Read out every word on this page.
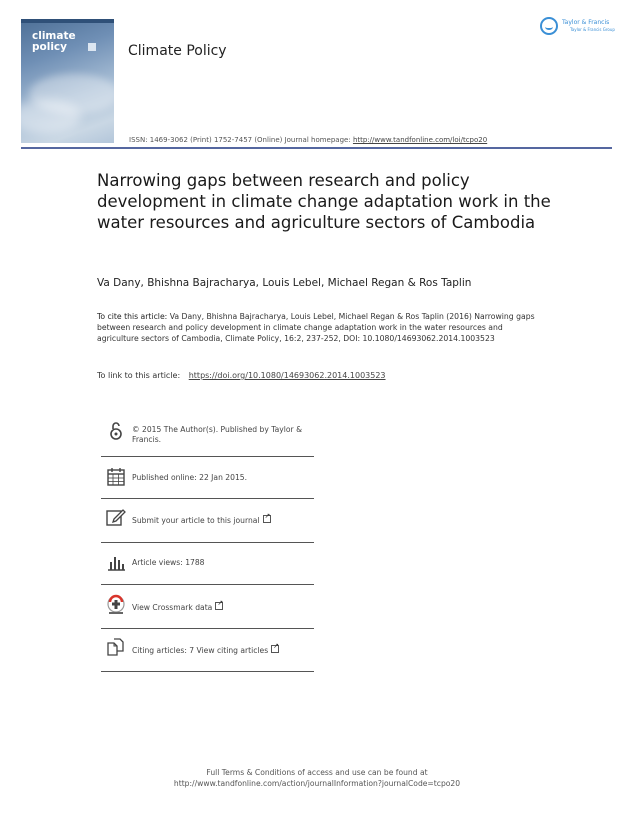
climate
policy	Climate Policy
Taylor & Francis
Taylor & Francis Group
ISSN: 1469-3062 (Print) 1752-7457 (Online) Journal homepage: http://www.tandfonline.com/loi/tcpo20
Narrowing gaps between research and policy development in climate change adaptation work in the water resources and agriculture sectors of Cambodia
Va Dany, Bhishna Bajracharya, Louis Lebel, Michael Regan & Ros Taplin
To cite this article: Va Dany, Bhishna Bajracharya, Louis Lebel, Michael Regan & Ros Taplin (2016) Narrowing gaps between research and policy development in climate change adaptation work in the water resources and agriculture sectors of Cambodia, Climate Policy, 16:2, 237-252, DOI: 10.1080/14693062.2014.1003523
To link to this article: https://doi.org/10.1080/14693062.2014.1003523
© 2015 The Author(s). Published by Taylor & Francis.
Published online: 22 Jan 2015.
Submit your article to this journal↗
Article views: 1788
View Crossmark data↗
Citing articles: 7 View citing articles↗
Full Terms & Conditions of access and use can be found at
http://www.tandfonline.com/action/journalInformation?journalCode=tcpo20
